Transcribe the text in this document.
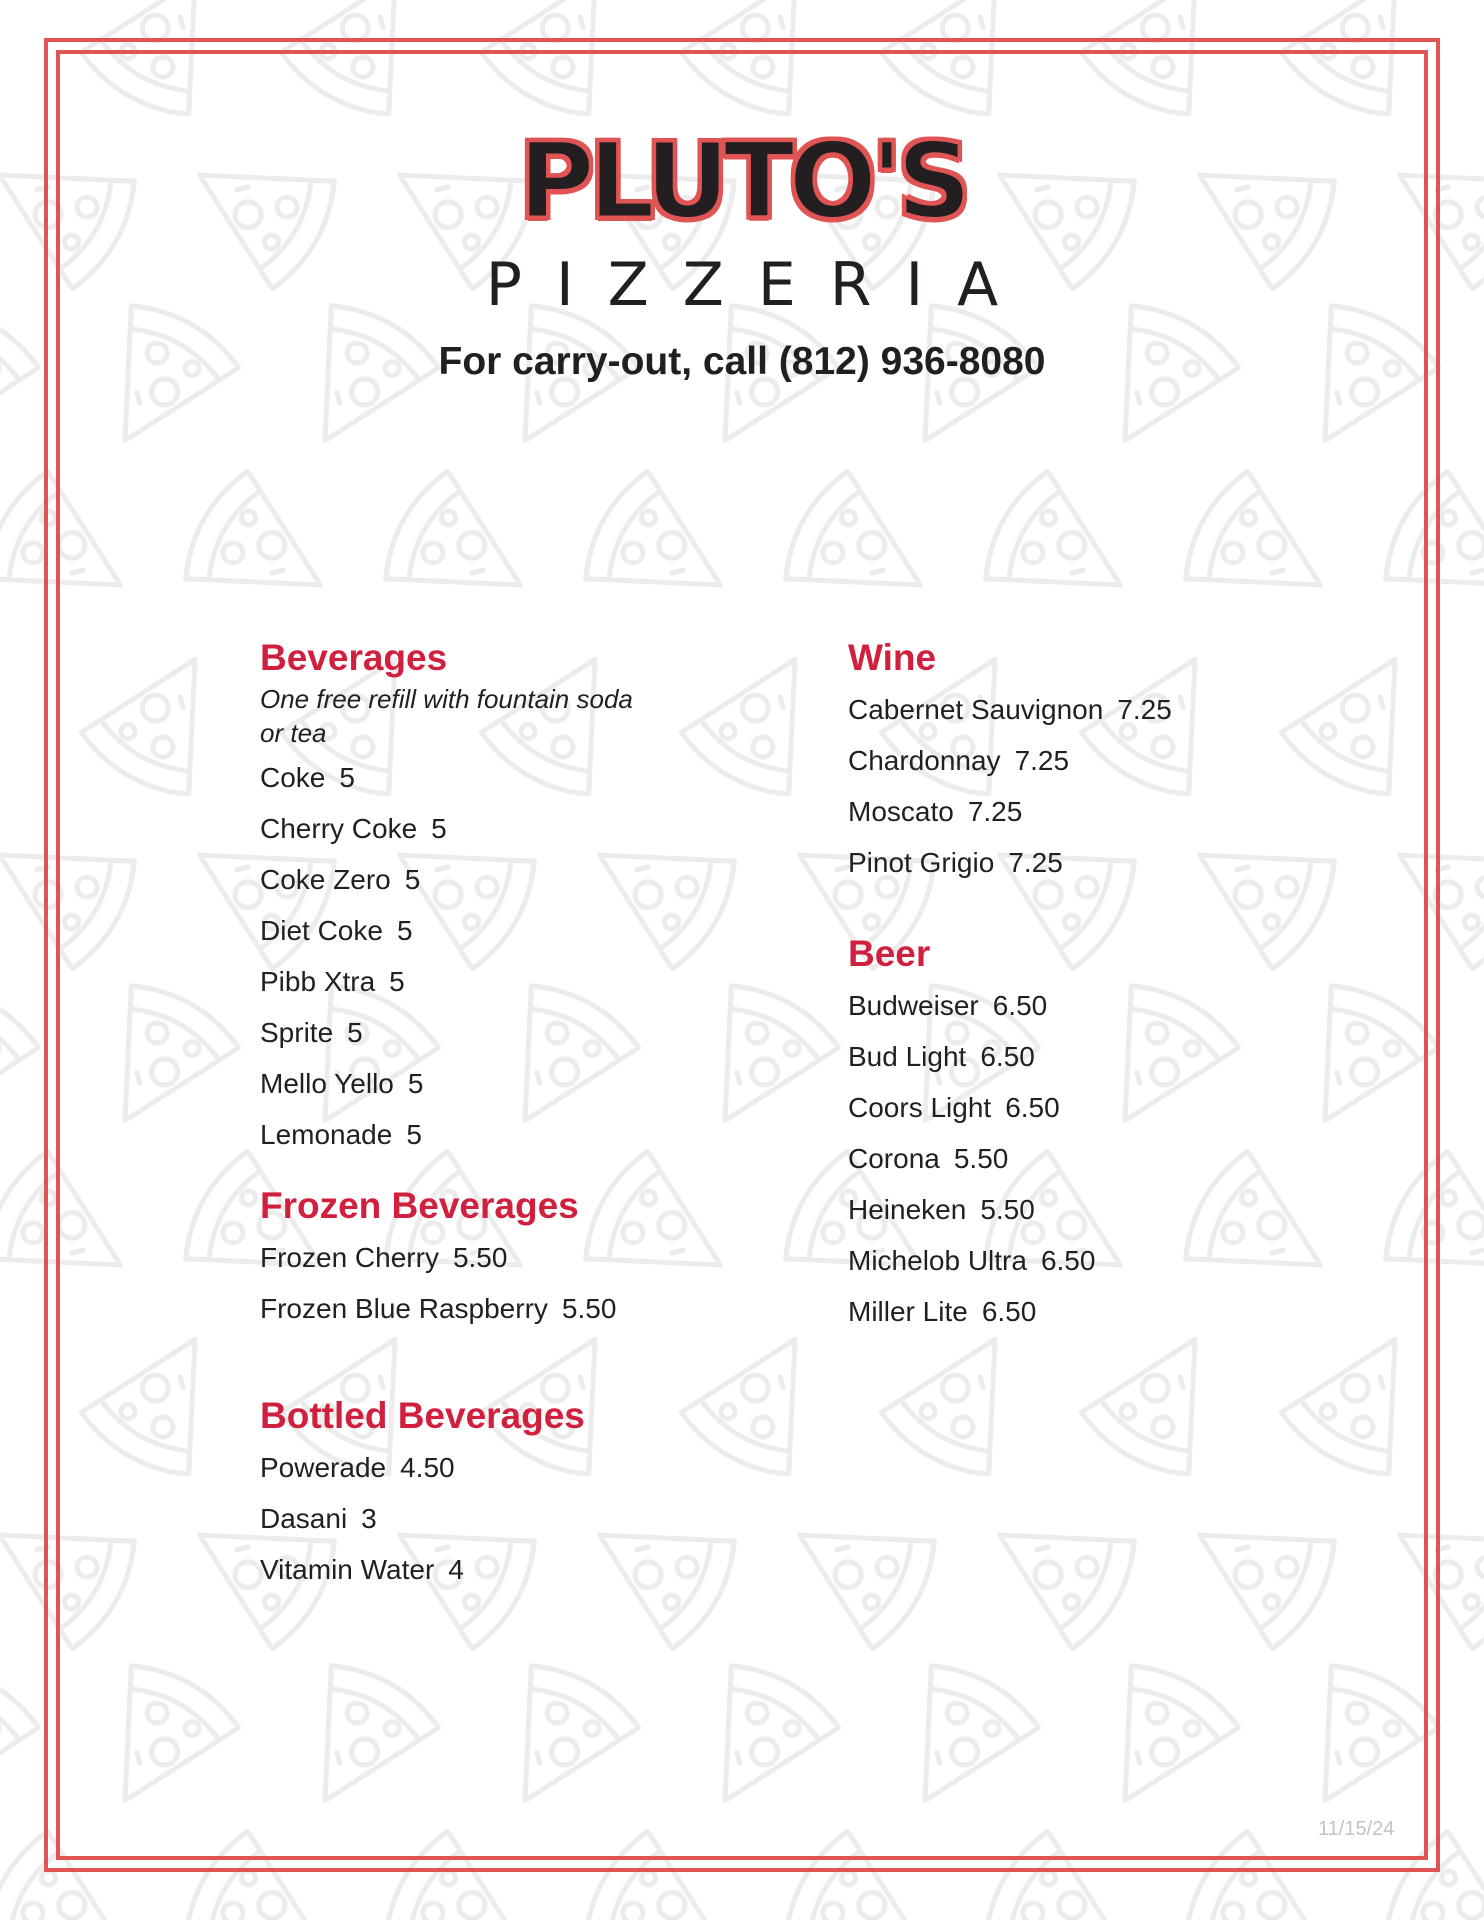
PLUTO'S
PIZZERIA
For carry-out, call (812) 936-8080
Beverages
One free refill with fountain soda or tea
Coke 5
Cherry Coke 5
Coke Zero 5
Diet Coke 5
Pibb Xtra 5
Sprite 5
Mello Yello 5
Lemonade 5
Frozen Beverages
Frozen Cherry 5.50
Frozen Blue Raspberry 5.50
Bottled Beverages
Powerade 4.50
Dasani 3
Vitamin Water 4
Wine
Cabernet Sauvignon 7.25
Chardonnay 7.25
Moscato 7.25
Pinot Grigio 7.25
Beer
Budweiser 6.50
Bud Light 6.50
Coors Light 6.50
Corona 5.50
Heineken 5.50
Michelob Ultra 6.50
Miller Lite 6.50
11/15/24
